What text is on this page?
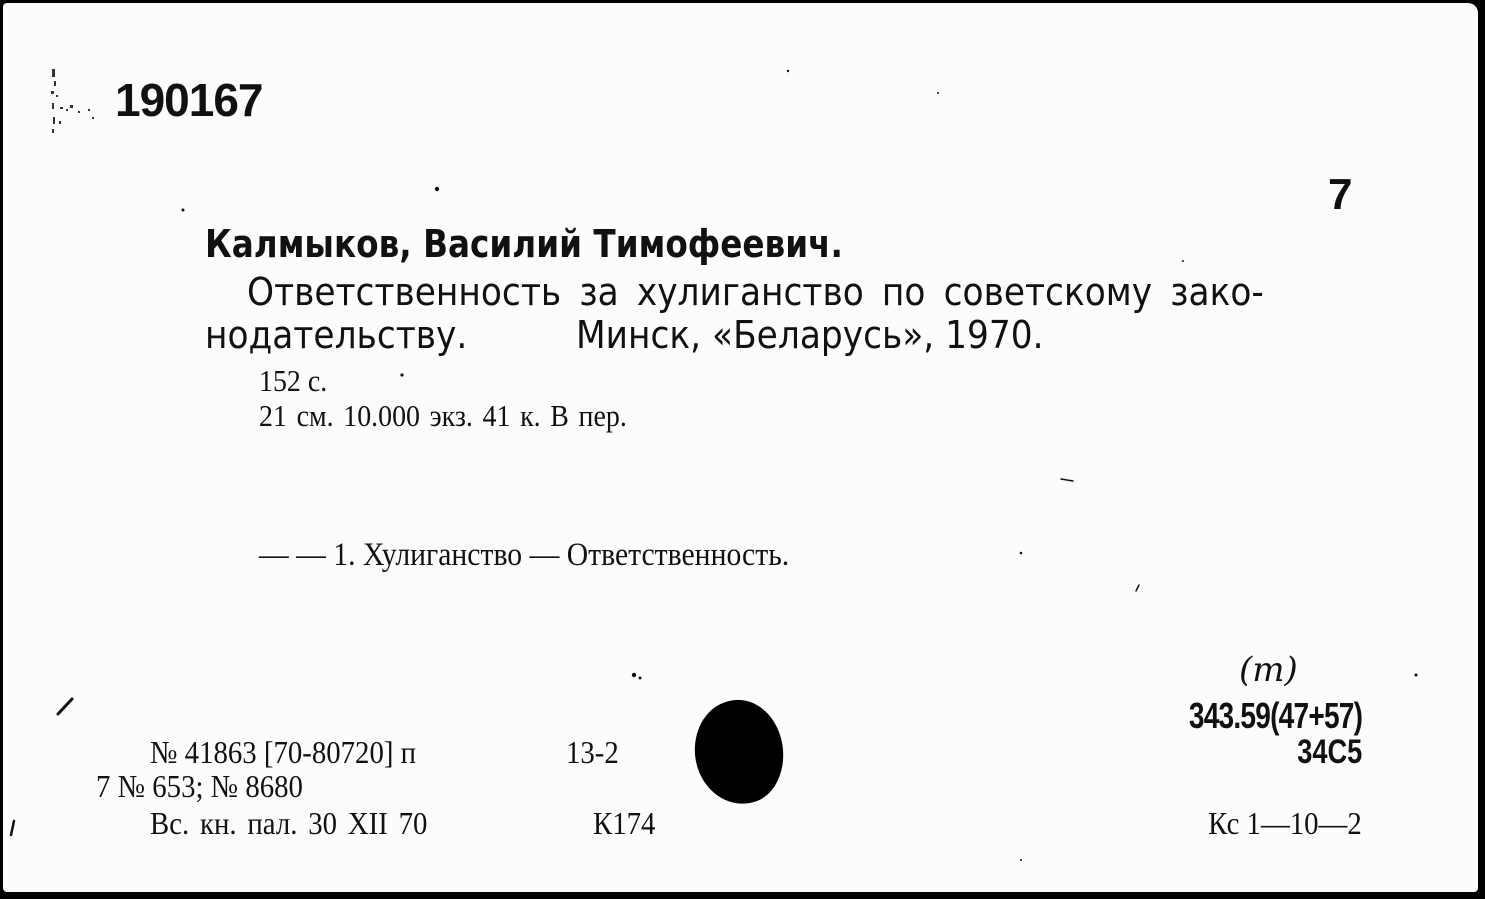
190167
7
Калмыков, Василий Тимофеевич.
Ответственность за хулиганство по советскому зако-
нодательству.	Минск, «Беларусь», 1970.
152 с.
21 см. 10.000 экз. 41 к. В пер.
— — 1. Хулиганство — Ответственность.
№ 41863 [70-80720] п	13-2
7 № 653; № 8680
Вс. кн. пал. 30 XII 70	К174
(т)
343.59(47+57)
34С5
Кс 1—10—2
